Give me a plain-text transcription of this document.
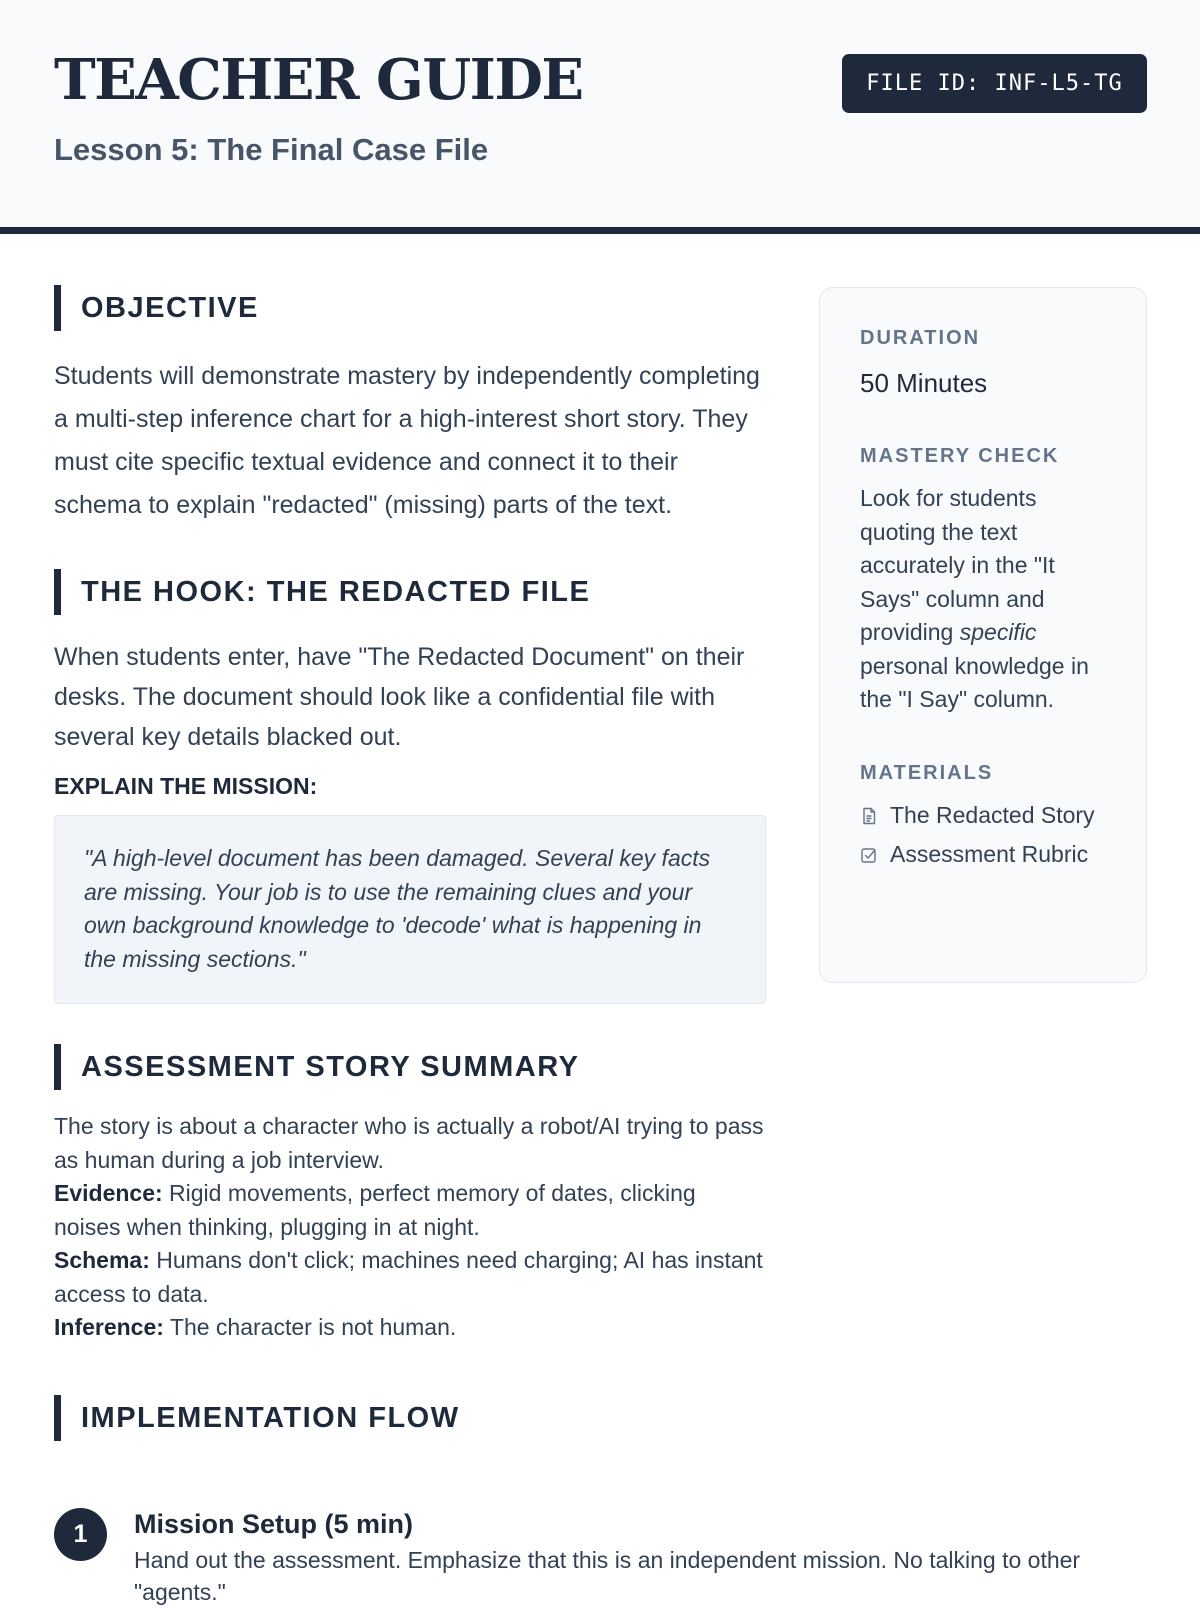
TEACHER GUIDE
Lesson 5: The Final Case File
FILE ID: INF-L5-TG
OBJECTIVE

Students will demonstrate mastery by independently completing a multi-step inference chart for a high-interest short story. They must cite specific textual evidence and connect it to their schema to explain "redacted" (missing) parts of the text.

THE HOOK: THE REDACTED FILE

When students enter, have "The Redacted Document" on their desks. The document should look like a confidential file with several key details blacked out.

EXPLAIN THE MISSION:

"A high-level document has been damaged. Several key facts are missing. Your job is to use the remaining clues and your own background knowledge to 'decode' what is happening in the missing sections."
ASSESSMENT STORY SUMMARY

The story is about a character who is actually a robot/AI trying to pass as human during a job interview.

Evidence: Rigid movements, perfect memory of dates, clicking noises when thinking, plugging in at night.

Schema: Humans don't click; machines need charging; AI has instant access to data.

Inference: The character is not human.

IMPLEMENTATION FLOW
1	Mission Setup (5 min)

Hand out the assessment. Emphasize that this is an independent mission. No talking to other "agents."

DURATION

50 Minutes

MASTERY CHECK

Look for students quoting the text accurately in the "It Says" column and providing specific personal knowledge in the "I Say" column.

MATERIALS

The Redacted Story
Assessment Rubric
